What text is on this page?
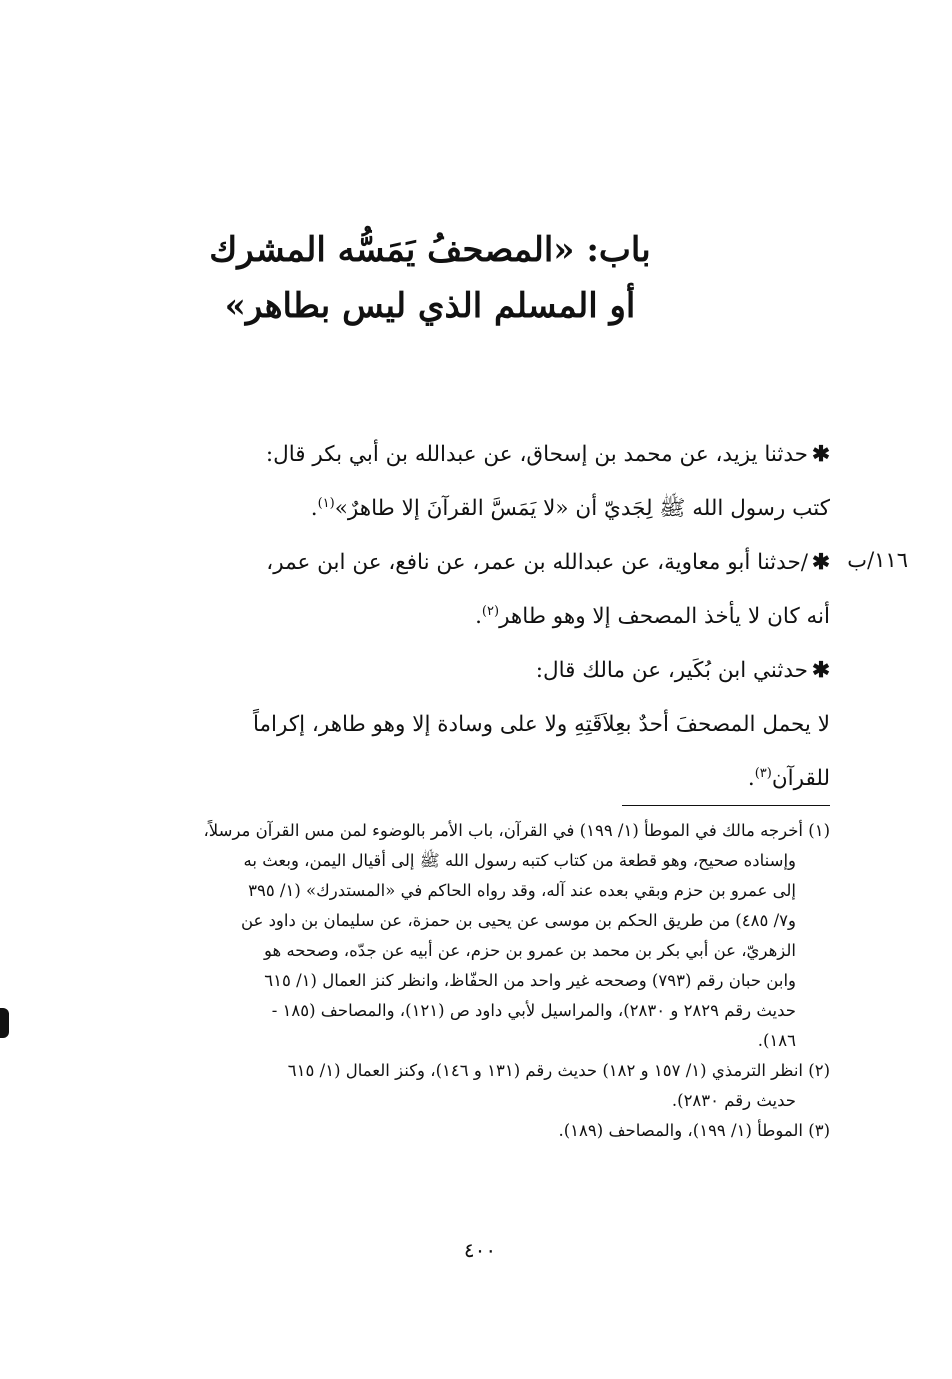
باب: «المصحفُ يَمَسُّه المشرك
أو المسلم الذي ليس بطاهر»
١١٦/ب
✱حدثنا يزيد، عن محمد بن إسحاق، عن عبدالله بن أبي بكر قال:
كتب رسول الله ﷺ لِجَديّ أن «لا يَمَسَّ القرآنَ إلا طاهرٌ»$^{(١)}$.
✱/حدثنا أبو معاوية، عن عبدالله بن عمر، عن نافع، عن ابن عمر،
أنه كان لا يأخذ المصحف إلا وهو طاهر$^{(٢)}$.
✱حدثني ابن بُكَير، عن مالك قال:
لا يحمل المصحفَ أحدٌ بعِلاَقَتِهِ ولا على وسادة إلا وهو طاهر، إكراماً
للقرآن$^{(٣)}$.
(١) أخرجه مالك في الموطأ (١/ ١٩٩) في القرآن، باب الأمر بالوضوء لمن مس القرآن مرسلاً،
وإسناده صحيح، وهو قطعة من كتاب كتبه رسول الله ﷺ إلى أقيال اليمن، وبعث به
إلى عمرو بن حزم وبقي بعده عند آله، وقد رواه الحاكم في «المستدرك» (١/ ٣٩٥
و٧/ ٤٨٥) من طريق الحكم بن موسى عن يحيى بن حمزة، عن سليمان بن داود عن
الزهريّ، عن أبي بكر بن محمد بن عمرو بن حزم، عن أبيه عن جدّه، وصححه هو
وابن حبان رقم (٧٩٣) وصححه غير واحد من الحفّاظ، وانظر كنز العمال (١/ ٦١٥
حديث رقم ٢٨٢٩ و ٢٨٣٠)، والمراسيل لأبي داود ص (١٢١)، والمصاحف (١٨٥ -
١٨٦).
(٢) انظر الترمذي (١/ ١٥٧ و ١٨٢) حديث رقم (١٣١ و ١٤٦)، وكنز العمال (١/ ٦١٥
حديث رقم ٢٨٣٠).
(٣) الموطأ (١/ ١٩٩)، والمصاحف (١٨٩).
٤٠٠
